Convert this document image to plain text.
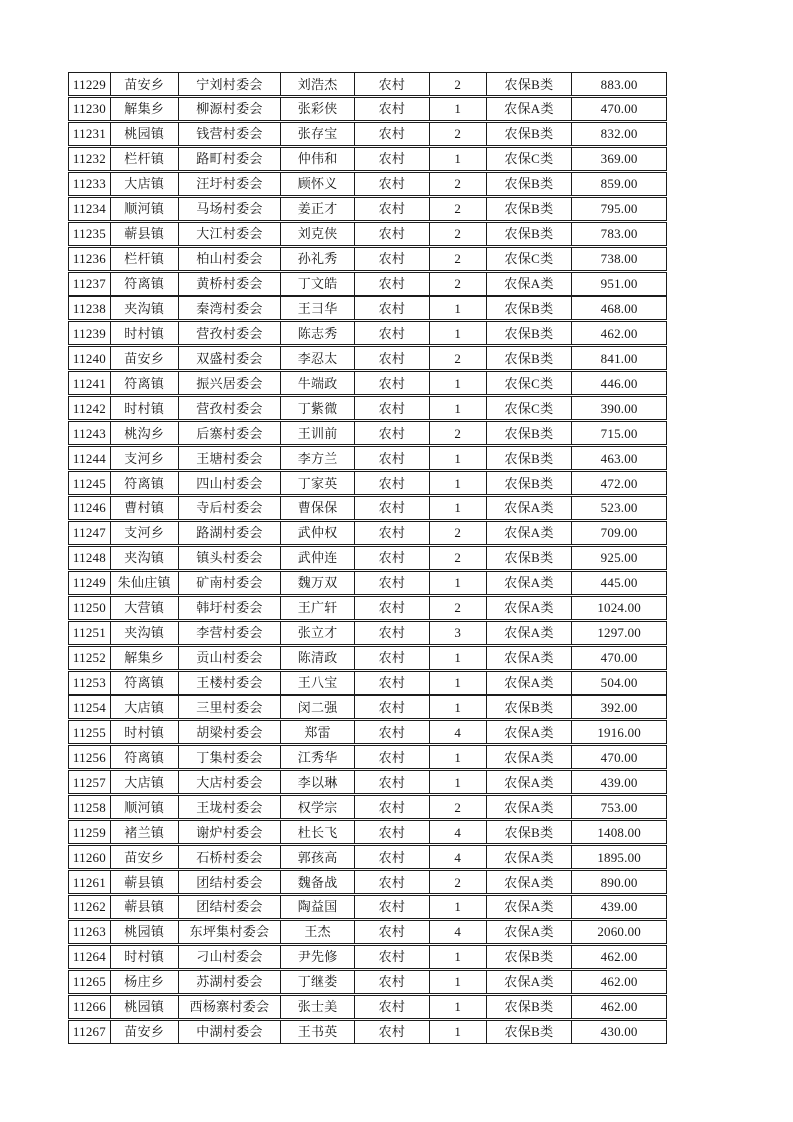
11229	苗安乡	宁刘村委会	刘浩杰	农村	2	农保B类	883.00
11230	解集乡	柳源村委会	张彩侠	农村	1	农保A类	470.00
11231	桃园镇	钱营村委会	张存宝	农村	2	农保B类	832.00
11232	栏杆镇	路町村委会	仲伟和	农村	1	农保C类	369.00
11233	大店镇	汪圩村委会	顾怀义	农村	2	农保B类	859.00
11234	顺河镇	马场村委会	姜正才	农村	2	农保B类	795.00
11235	蕲县镇	大江村委会	刘克侠	农村	2	农保B类	783.00
11236	栏杆镇	柏山村委会	孙礼秀	农村	2	农保C类	738.00
11237	符离镇	黄桥村委会	丁文皓	农村	2	农保A类	951.00
11238	夹沟镇	秦湾村委会	王彐华	农村	1	农保B类	468.00
11239	时村镇	营孜村委会	陈志秀	农村	1	农保B类	462.00
11240	苗安乡	双盛村委会	李忍太	农村	2	农保B类	841.00
11241	符离镇	振兴居委会	牛端政	农村	1	农保C类	446.00
11242	时村镇	营孜村委会	丁紫微	农村	1	农保C类	390.00
11243	桃沟乡	后寨村委会	王训前	农村	2	农保B类	715.00
11244	支河乡	王塘村委会	李方兰	农村	1	农保B类	463.00
11245	符离镇	四山村委会	丁家英	农村	1	农保B类	472.00
11246	曹村镇	寺后村委会	曹保保	农村	1	农保A类	523.00
11247	支河乡	路湖村委会	武仲权	农村	2	农保A类	709.00
11248	夹沟镇	镇头村委会	武仲连	农村	2	农保B类	925.00
11249 朱仙庄镇	矿南村委会	魏万双	农村	1	农保A类	445.00
11250	大营镇	韩圩村委会	王广轩	农村	2	农保A类	1024.00
11251	夹沟镇	李营村委会	张立才	农村	3	农保A类	1297.00
11252	解集乡	贡山村委会	陈清政	农村	1	农保A类	470.00
11253	符离镇	王楼村委会	王八宝	农村	1	农保A类	504.00
11254	大店镇	三里村委会	闵二强	农村	1	农保B类	392.00
11255	时村镇	胡梁村委会	郑雷	农村	4	农保A类	1916.00
11256	符离镇	丁集村委会	江秀华	农村	1	农保A类	470.00
11257	大店镇	大店村委会	李以琳	农村	1	农保A类	439.00
11258	顺河镇	王垅村委会	权学宗	农村	2	农保A类	753.00
11259	褚兰镇	谢炉村委会	杜长飞	农村	4	农保B类	1408.00
11260	苗安乡	石桥村委会	郭孩高	农村	4	农保A类	1895.00
11261	蕲县镇	团结村委会	魏备战	农村	2	农保A类	890.00
11262	蕲县镇	团结村委会	陶益国	农村	1	农保A类	439.00
11263	桃园镇	东坪集村委会	王杰	农村	4	农保A类	2060.00
11264	时村镇	刁山村委会	尹先修	农村	1	农保B类	462.00
11265	杨庄乡	苏湖村委会	丁继娄	农村	1	农保A类	462.00
11266	桃园镇	西杨寨村委会	张士美	农村	1	农保B类	462.00
11267	苗安乡	中湖村委会	王书英	农村	1	农保B类	430.00
